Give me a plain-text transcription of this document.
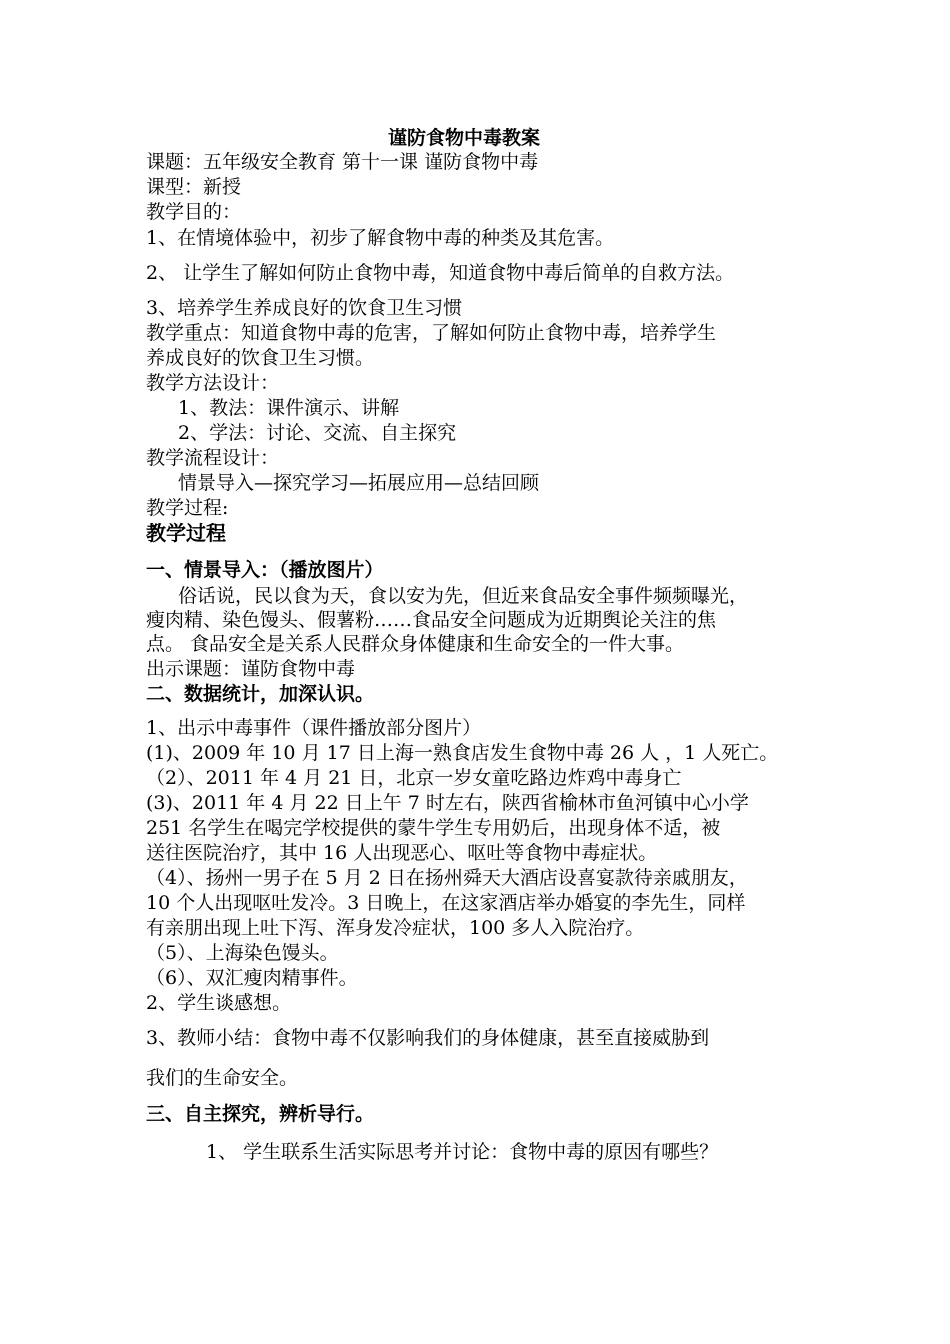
谨防食物中毒教案
课题：五年级安全教育 第十一课 谨防食物中毒
课型：新授
教学目的：
1、在情境体验中，初步了解食物中毒的种类及其危害。
2、 让学生了解如何防止食物中毒，知道食物中毒后简单的自救方法。
3、培养学生养成良好的饮食卫生习惯
教学重点：知道食物中毒的危害，了解如何防止食物中毒，培养学生
养成良好的饮食卫生习惯。
教学方法设计：
1、教法：课件演示、讲解
2、学法：讨论、交流、自主探究
教学流程设计：
情景导入—探究学习—拓展应用—总结回顾
教学过程:
教学过程
一、情景导入：（播放图片）
俗话说，民以食为天，食以安为先，但近来食品安全事件频频曝光，
瘦肉精、染色馒头、假薯粉……食品安全问题成为近期舆论关注的焦
点。 食品安全是关系人民群众身体健康和生命安全的一件大事。
出示课题：谨防食物中毒
二、数据统计，加深认识。
1、出示中毒事件（课件播放部分图片）
(1)、2009 年 10 月 17 日上海一熟食店发生食物中毒 26 人 ，1 人死亡。
（2）、2011 年 4 月 21 日，北京一岁女童吃路边炸鸡中毒身亡
(3)、2011 年 4 月 22 日上午 7 时左右，陕西省榆林市鱼河镇中心小学
251 名学生在喝完学校提供的蒙牛学生专用奶后，出现身体不适，被
送往医院治疗，其中 16 人出现恶心、呕吐等食物中毒症状。
（4）、扬州一男子在 5 月 2 日在扬州舜天大酒店设喜宴款待亲戚朋友，
10 个人出现呕吐发冷。3 日晚上，在这家酒店举办婚宴的李先生，同样
有亲朋出现上吐下泻、浑身发冷症状，100 多人入院治疗。
（5）、上海染色馒头。
（6）、双汇瘦肉精事件。
2、学生谈感想。
3、教师小结：食物中毒不仅影响我们的身体健康，甚至直接威胁到
我们的生命安全。
三、自主探究，辨析导行。
1、 学生联系生活实际思考并讨论：食物中毒的原因有哪些？
